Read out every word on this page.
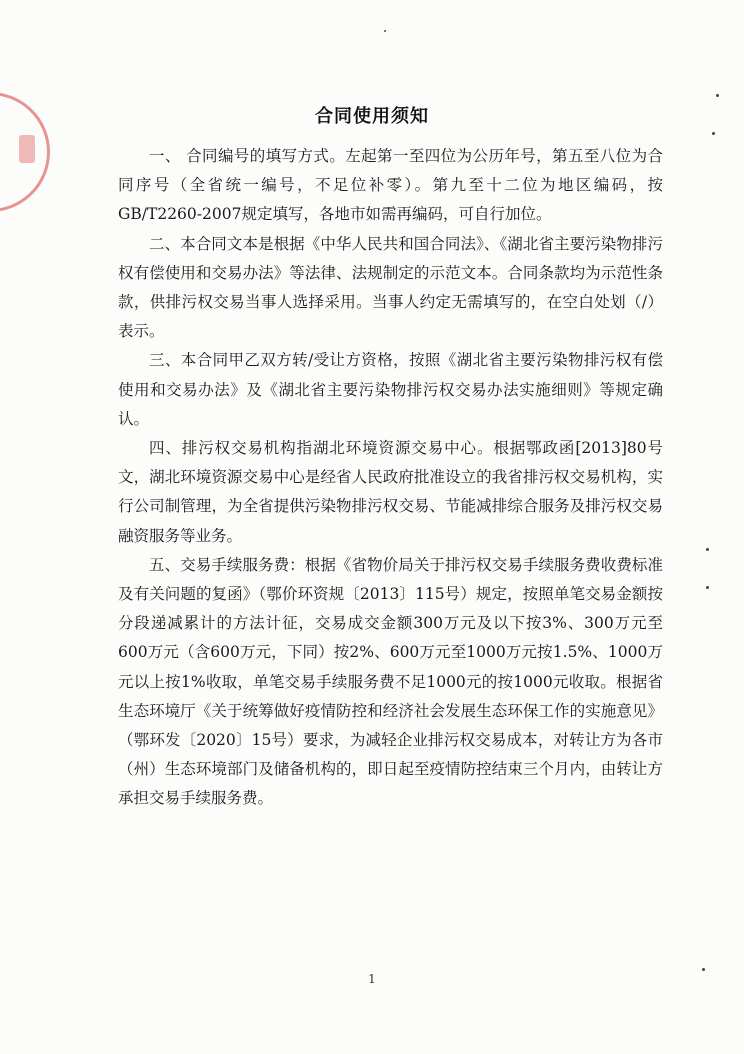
合同使用须知

一、 合同编号的填写方式。左起第一至四位为公历年号，第五至八位为合同序号（全省统一编号，不足位补零）。第九至十二位为地区编码，按GB/T2260-2007规定填写，各地市如需再编码，可自行加位。

二、本合同文本是根据《中华人民共和国合同法》、《湖北省主要污染物排污权有偿使用和交易办法》等法律、法规制定的示范文本。合同条款均为示范性条款，供排污权交易当事人选择采用。当事人约定无需填写的，在空白处划（/）表示。

三、本合同甲乙双方转/受让方资格，按照《湖北省主要污染物排污权有偿使用和交易办法》及《湖北省主要污染物排污权交易办法实施细则》等规定确认。

四、排污权交易机构指湖北环境资源交易中心。根据鄂政函[2013]80号文，湖北环境资源交易中心是经省人民政府批准设立的我省排污权交易机构，实行公司制管理，为全省提供污染物排污权交易、节能减排综合服务及排污权交易融资服务等业务。

五、交易手续服务费：根据《省物价局关于排污权交易手续服务费收费标准及有关问题的复函》（鄂价环资规〔2013〕115号）规定，按照单笔交易金额按分段递减累计的方法计征，交易成交金额300万元及以下按3%、300万元至600万元（含600万元，下同）按2%、600万元至1000万元按1.5%、1000万元以上按1%收取，单笔交易手续服务费不足1000元的按1000元收取。根据省生态环境厅《关于统筹做好疫情防控和经济社会发展生态环保工作的实施意见》（鄂环发〔2020〕15号）要求，为减轻企业排污权交易成本，对转让方为各市（州）生态环境部门及储备机构的，即日起至疫情防控结束三个月内，由转让方承担交易手续服务费。

1
